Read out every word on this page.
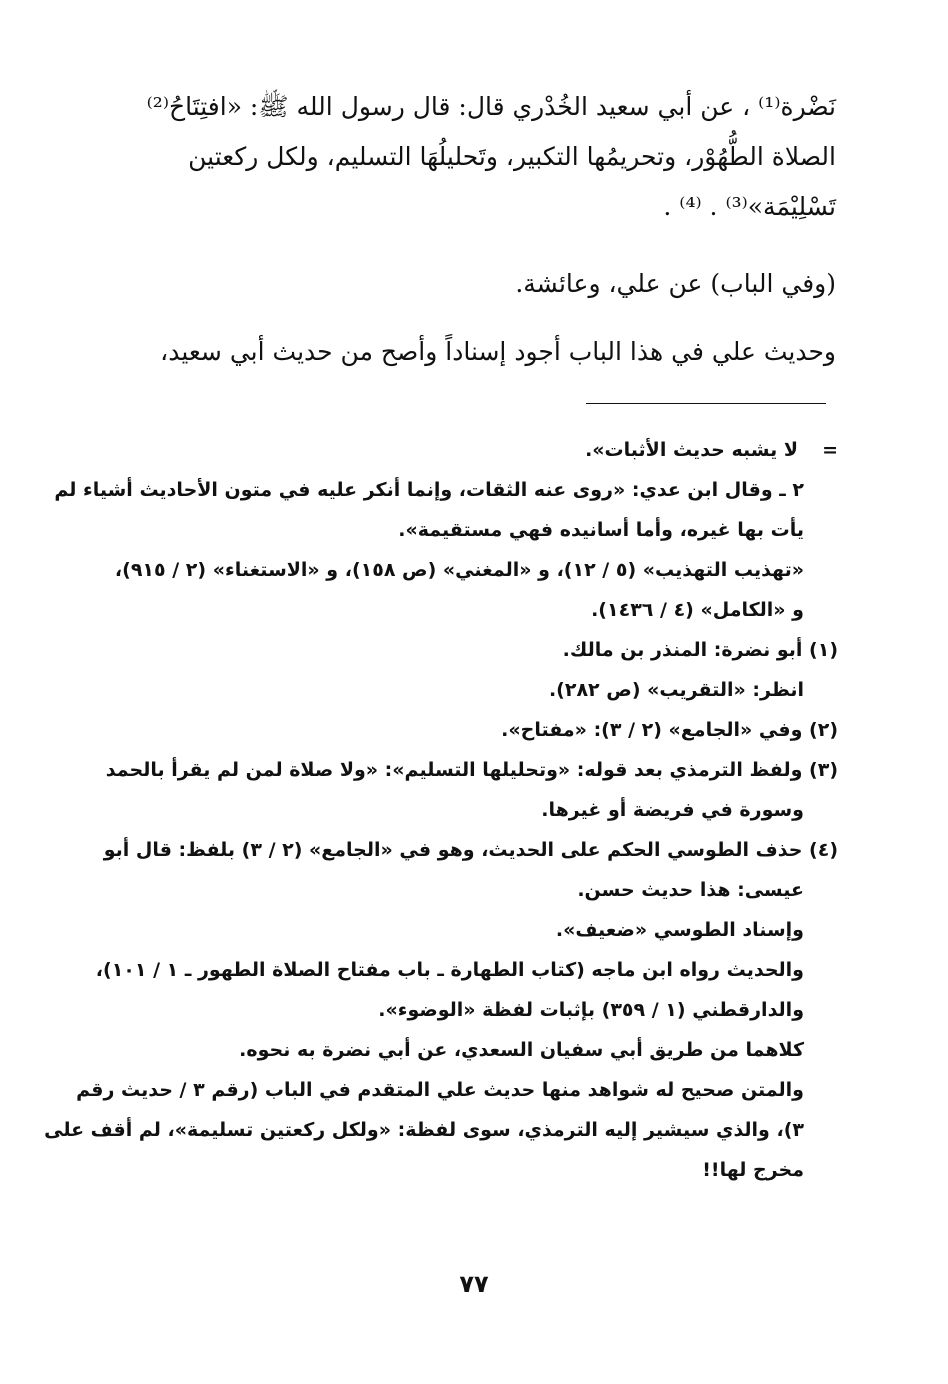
نَضْرة⁽¹⁾ ، عن أبي سعيد الخُدْري قال: قال رسول الله ﷺ: «افتِتَاحُ⁽²⁾
الصلاة الطُّهُوْر، وتحريمُها التكبير، وتَحليلُهَا التسليم، ولكل ركعتين
تَسْلِيْمَة»⁽³⁾ . ⁽⁴⁾ .
(وفي الباب) عن علي، وعائشة.
وحديث علي في هذا الباب أجود إسناداً وأصح من حديث أبي سعيد،
=
لا يشبه حديث الأثبات».
٢ ـ وقال ابن عدي: «روى عنه الثقات، وإنما أنكر عليه في متون الأحاديث أشياء لم
يأت بها غيره، وأما أسانيده فهي مستقيمة».
«تهذيب التهذيب» (٥ / ١٢)، و «المغني» (ص ١٥٨)، و «الاستغناء» (٢ / ٩١٥)،
و «الكامل» (٤ / ١٤٣٦).
(١) أبو نضرة: المنذر بن مالك.
انظر: «التقريب» (ص ٢٨٢).
(٢) وفي «الجامع» (٢ / ٣): «مفتاح».
(٣) ولفظ الترمذي بعد قوله: «وتحليلها التسليم»: «ولا صلاة لمن لم يقرأ بالحمد
وسورة في فريضة أو غيرها.
(٤) حذف الطوسي الحكم على الحديث، وهو في «الجامع» (٢ / ٣) بلفظ: قال أبو
عيسى: هذا حديث حسن.
وإسناد الطوسي «ضعيف».
والحديث رواه ابن ماجه (كتاب الطهارة ـ باب مفتاح الصلاة الطهور ـ ١ / ١٠١)،
والدارقطني (١ / ٣٥٩) بإثبات لفظة «الوضوء».
كلاهما من طريق أبي سفيان السعدي، عن أبي نضرة به نحوه.
والمتن صحيح له شواهد منها حديث علي المتقدم في الباب (رقم ٣ / حديث رقم
٣)، والذي سيشير إليه الترمذي، سوى لفظة: «ولكل ركعتين تسليمة»، لم أقف على
مخرج لها!!
٧٧
